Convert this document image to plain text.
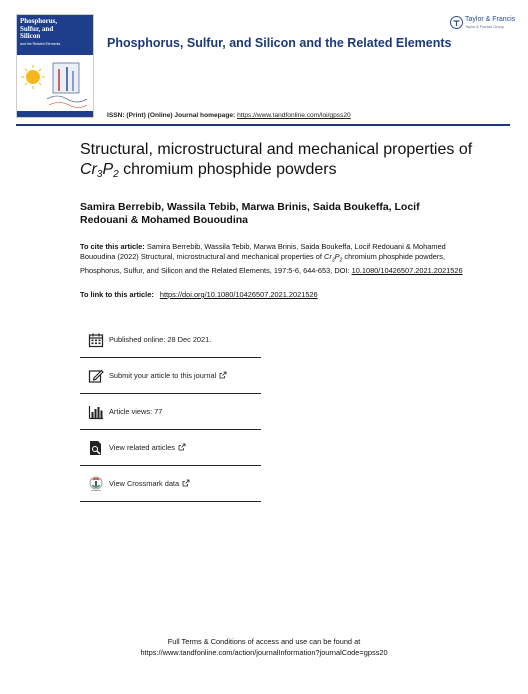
Phosphorus,
Sulfur, and
Silicon
and the Related Elements	Phosphorus, Sulfur, and Silicon and the Related Elements
Taylor & Francis
Taylor & Francis Group
ISSN: (Print) (Online) Journal homepage: https://www.tandfonline.com/loi/gpss20
Structural, microstructural and mechanical properties of $Cr_3P_2$ chromium phosphide powders
Samira Berrebib, Wassila Tebib, Marwa Brinis, Saida Boukeffa, Locif Redouani & Mohamed Bououdina
To cite this article: Samira Berrebib, Wassila Tebib, Marwa Brinis, Saida Boukeffa, Locif Redouani & Mohamed Bououdina (2022) Structural, microstructural and mechanical properties of $Cr_3P_2$ chromium phosphide powders, Phosphorus, Sulfur, and Silicon and the Related Elements, 197:5-6, 644-653, DOI: 10.1080/10426507.2021.2021526
To link to this article: https://doi.org/10.1080/10426507.2021.2021526
Published online: 28 Dec 2021.
Submit your article to this journal
Article views: 77
View related articles
View Crossmark data
Full Terms & Conditions of access and use can be found at
https://www.tandfonline.com/action/journalInformation?journalCode=gpss20
